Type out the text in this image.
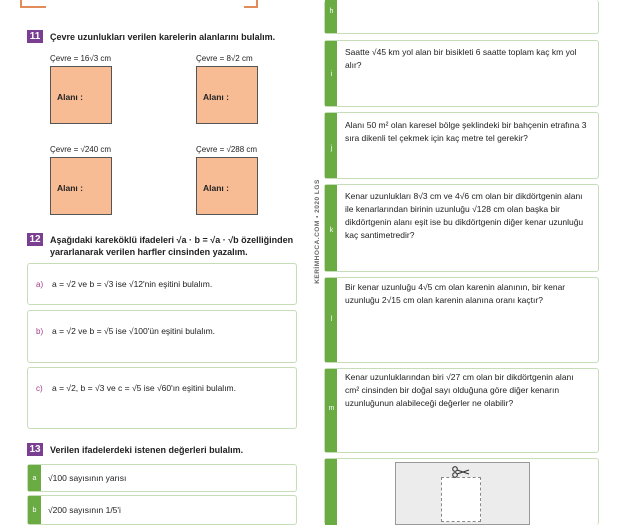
11	Çevre uzunlukları verilen karelerin alanlarını bulalım.
Çevre = 16√3 cm
Alanı :
Çevre = 8√2 cm
Alanı :
Çevre = √240 cm
Alanı :
Çevre = √288 cm
Alanı :
12 Aşağıdaki kareköklü ifadeleri √a · b = √a · √b özelliğinden
yararlanarak verilen harfler cinsinden yazalım.
a) a = √2 ve b = √3 ise √12'nin eşitini bulalım.
b) a = √2 ve b = √5 ise √100'ün eşitini bulalım.
c) a = √2, b = √3 ve c = √5 ise √60'ın eşitini bulalım.
13 Verilen ifadelerdeki istenen değerleri bulalım.
a	√100 sayısının yarısı
b	√200 sayısının 1/5'i
KERİMHOCA.COM • 2020 LGS
h
i
Saatte √45 km yol alan bir bisikleti 6 saatte toplam kaç km yol alır?
j
Alanı 50 m² olan karesel bölge şeklindeki bir bahçenin etrafına 3 sıra dikenli tel çekmek için kaç metre tel gerekir?
k
Kenar uzunlukları 8√3 cm ve 4√6 cm olan bir dikdörtgenin alanı ile kenarlarından birinin uzunluğu √128 cm olan başka bir dikdörtgenin alanı eşit ise bu dikdörtgenin diğer kenar uzunluğu kaç santimetredir?
l
Bir kenar uzunluğu 4√5 cm olan karenin alanının, bir kenar uzunluğu 2√15 cm olan karenin alanına oranı kaçtır?
m
Kenar uzunluklarından biri √27 cm olan bir dikdörtgenin alanı cm² cinsinden bir doğal sayı olduğuna göre diğer kenarın uzunluğunun alabileceği değerler ne olabilir?
